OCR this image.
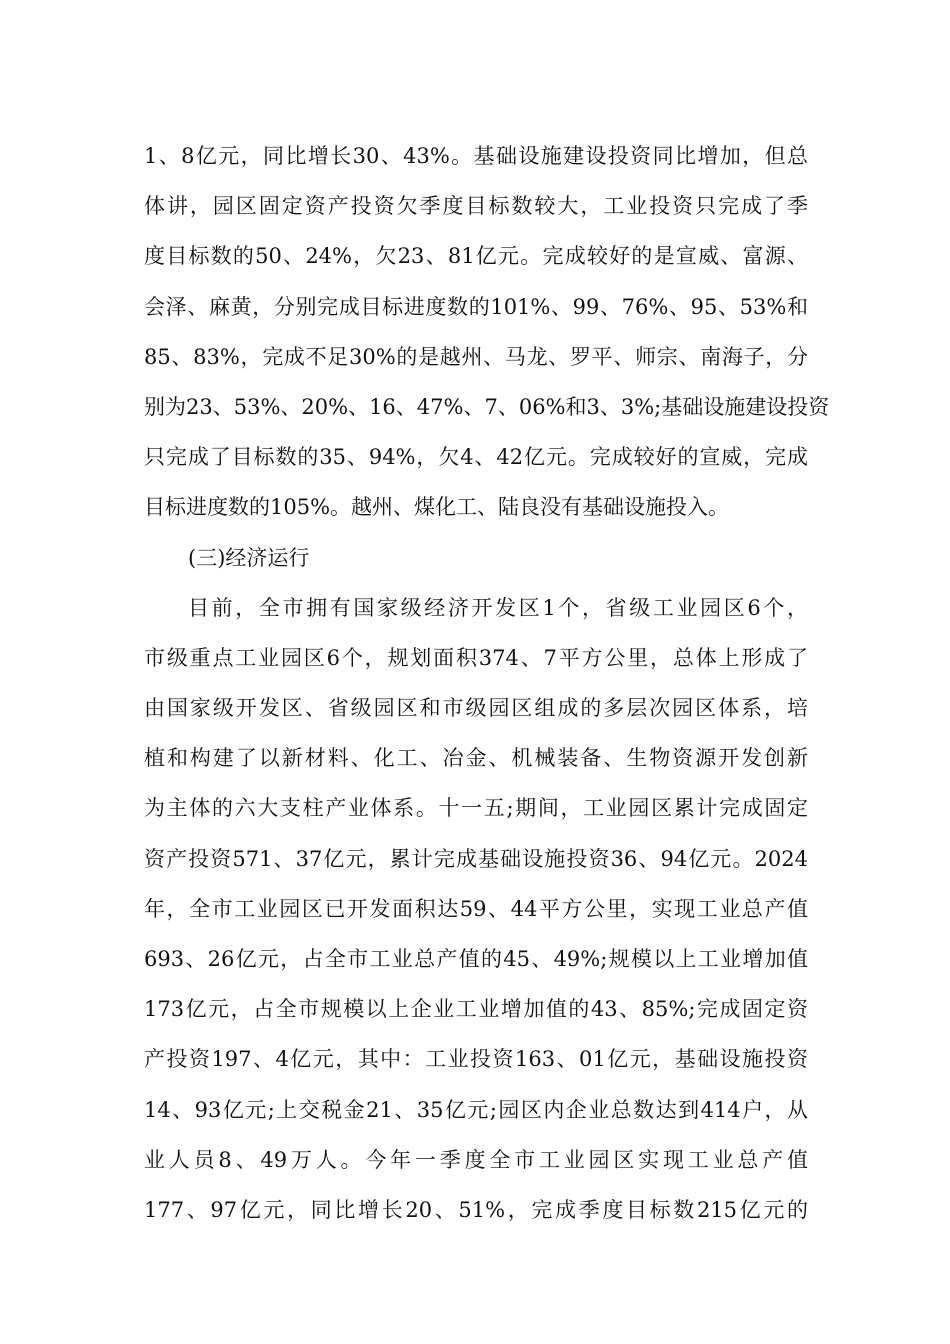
1、8亿元，同比增长30、43%。基础设施建设投资同比增加，但总
体讲，园区固定资产投资欠季度目标数较大，工业投资只完成了季
度目标数的50、24%，欠23、81亿元。完成较好的是宣威、富源、
会泽、麻黄，分别完成目标进度数的101%、99、76%、95、53%和
85、83%，完成不足30%的是越州、马龙、罗平、师宗、南海子，分
别为23、53%、20%、16、47%、7、06%和3、3%;基础设施建设投资
只完成了目标数的35、94%，欠4、42亿元。完成较好的宣威，完成
目标进度数的105%。越州、煤化工、陆良没有基础设施投入。
(三)经济运行
目前，全市拥有国家级经济开发区1个，省级工业园区6个，
市级重点工业园区6个，规划面积374、7平方公里，总体上形成了
由国家级开发区、省级园区和市级园区组成的多层次园区体系，培
植和构建了以新材料、化工、冶金、机械装备、生物资源开发创新
为主体的六大支柱产业体系。十一五;期间，工业园区累计完成固定
资产投资571、37亿元，累计完成基础设施投资36、94亿元。2024
年，全市工业园区已开发面积达59、44平方公里，实现工业总产值
693、26亿元，占全市工业总产值的45、49%;规模以上工业增加值
173亿元，占全市规模以上企业工业增加值的43、85%;完成固定资
产投资197、4亿元，其中：工业投资163、01亿元，基础设施投资
14、93亿元;上交税金21、35亿元;园区内企业总数达到414户，从
业人员8、49万人。今年一季度全市工业园区实现工业总产值
177、97亿元，同比增长20、51%，完成季度目标数215亿元的
